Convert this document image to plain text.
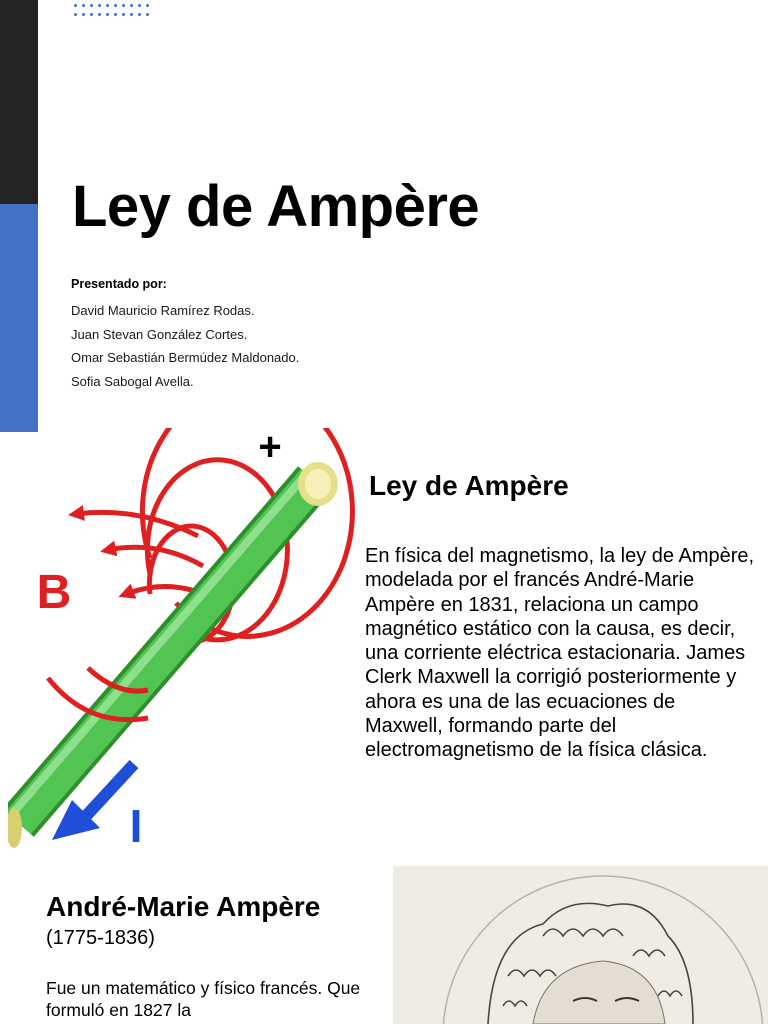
Ley de Ampère
Presentado por:
David Mauricio Ramírez Rodas.
Juan Stevan González Cortes.
Omar Sebastián Bermúdez Maldonado.
Sofia Sabogal Avella.
+
B
I
Ley de Ampère

En física del magnetismo, la ley de Ampère, modelada por el francés André-Marie Ampère en 1831, relaciona un campo magnético estático con la causa, es decir, una corriente eléctrica estacionaria. James Clerk Maxwell la corrigió posteriormente y ahora es una de las ecuaciones de Maxwell, formando parte del electromagnetismo de la física clásica.

André-Marie Ampère
(1775-1836)

Fue un matemático y físico francés. Que formuló en 1827 la
